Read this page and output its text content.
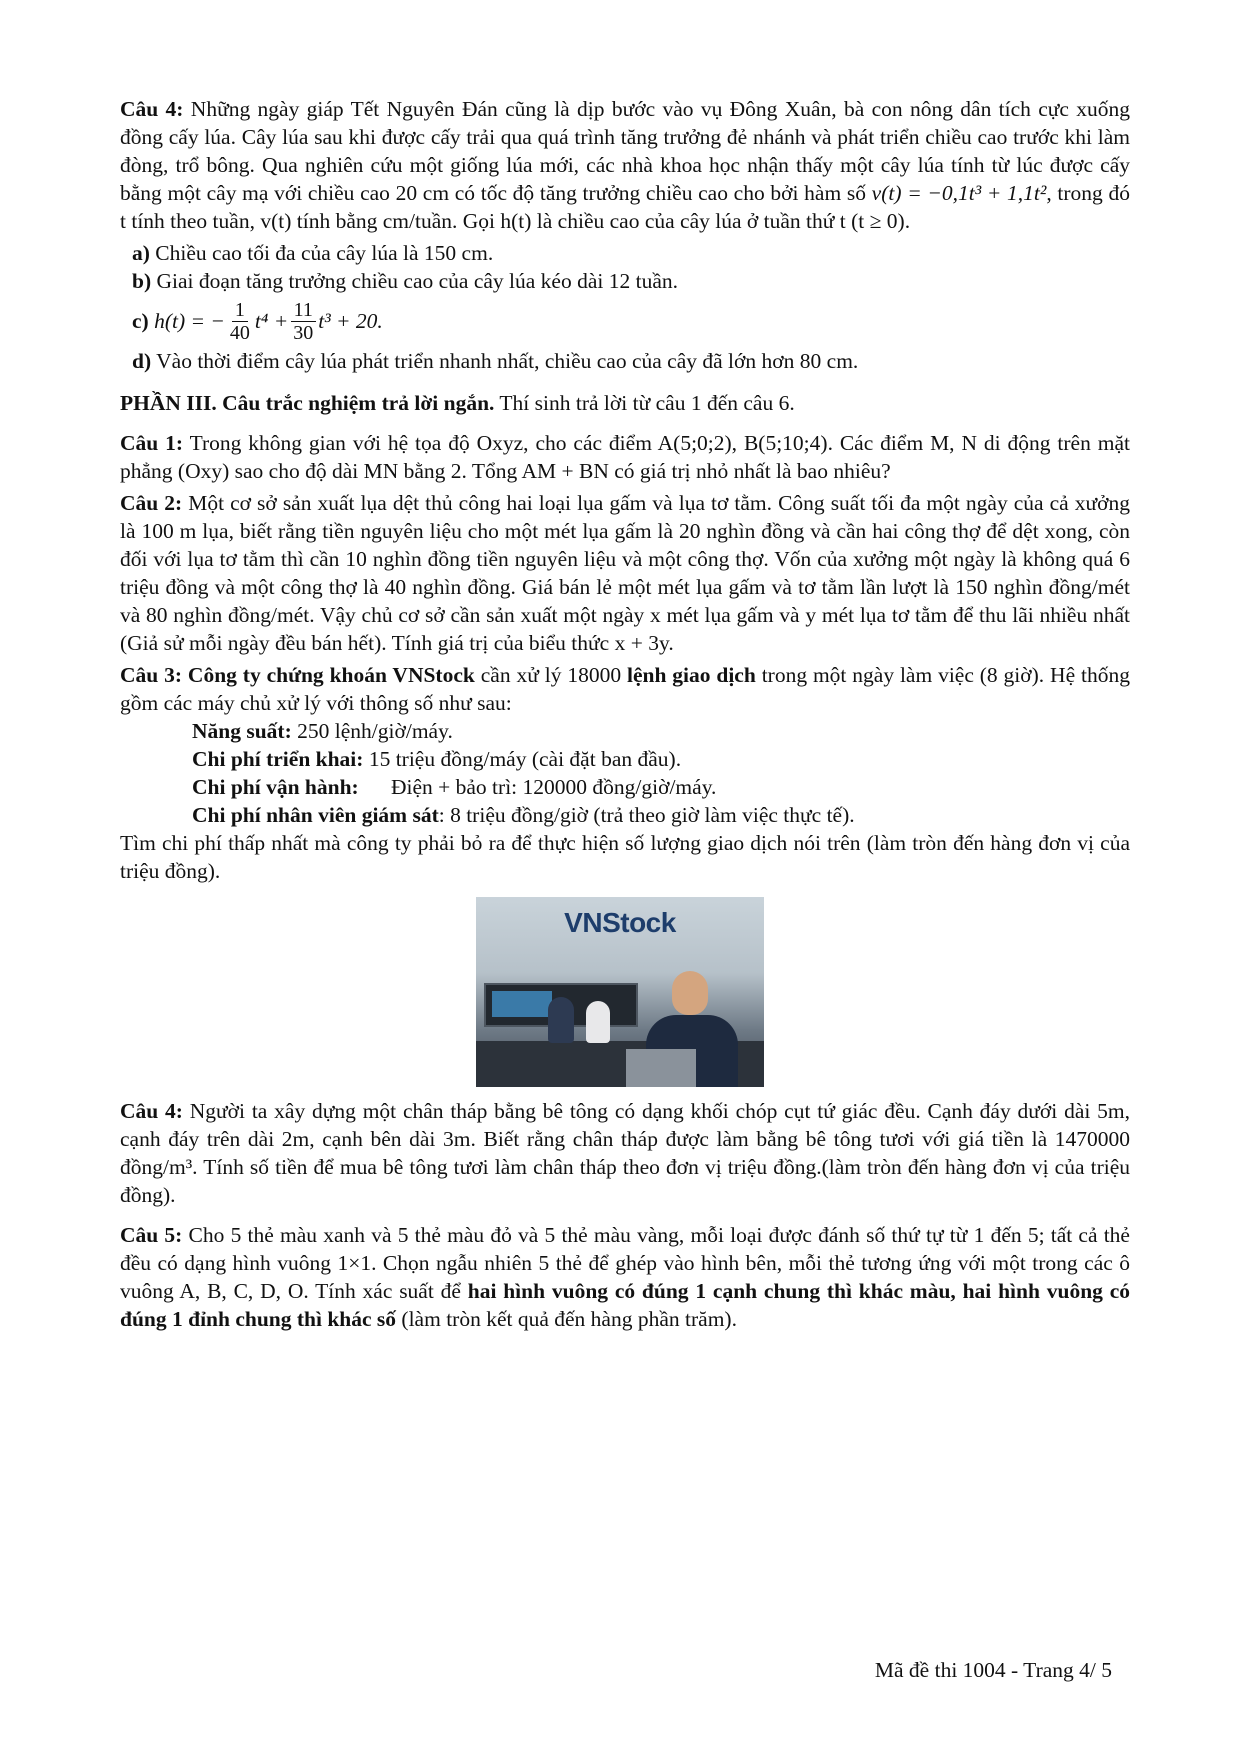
Câu 4: Những ngày giáp Tết Nguyên Đán cũng là dịp bước vào vụ Đông Xuân, bà con nông dân tích cực xuống đồng cấy lúa. Cây lúa sau khi được cấy trải qua quá trình tăng trưởng đẻ nhánh và phát triển chiều cao trước khi làm đòng, trổ bông. Qua nghiên cứu một giống lúa mới, các nhà khoa học nhận thấy một cây lúa tính từ lúc được cấy bằng một cây mạ với chiều cao 20 cm có tốc độ tăng trưởng chiều cao cho bởi hàm số v(t) = −0,1t³ + 1,1t², trong đó t tính theo tuần, v(t) tính bằng cm/tuần. Gọi h(t) là chiều cao của cây lúa ở tuần thứ t (t ≥ 0).

a) Chiều cao tối đa của cây lúa là 150 cm.

b) Giai đoạn tăng trưởng chiều cao của cây lúa kéo dài 12 tuần.

c)
h(t) = − $\frac{1}{40} t^4 + \frac{11}{30} t^3 + 20$.

d) Vào thời điểm cây lúa phát triển nhanh nhất, chiều cao của cây đã lớn hơn 80 cm.

PHẦN III. Câu trắc nghiệm trả lời ngắn. Thí sinh trả lời từ câu 1 đến câu 6.

Câu 1: Trong không gian với hệ tọa độ Oxyz, cho các điểm A(5;0;2), B(5;10;4). Các điểm M, N di động trên mặt phẳng (Oxy) sao cho độ dài MN bằng 2. Tổng AM + BN có giá trị nhỏ nhất là bao nhiêu?

Câu 2: Một cơ sở sản xuất lụa dệt thủ công hai loại lụa gấm và lụa tơ tằm. Công suất tối đa một ngày của cả xưởng là 100 m lụa, biết rằng tiền nguyên liệu cho một mét lụa gấm là 20 nghìn đồng và cần hai công thợ để dệt xong, còn đối với lụa tơ tằm thì cần 10 nghìn đồng tiền nguyên liệu và một công thợ. Vốn của xưởng một ngày là không quá 6 triệu đồng và một công thợ là 40 nghìn đồng. Giá bán lẻ một mét lụa gấm và tơ tằm lần lượt là 150 nghìn đồng/mét và 80 nghìn đồng/mét. Vậy chủ cơ sở cần sản xuất một ngày x mét lụa gấm và y mét lụa tơ tằm để thu lãi nhiều nhất (Giả sử mỗi ngày đều bán hết). Tính giá trị của biểu thức x + 3y.

Câu 3: Công ty chứng khoán VNStock cần xử lý 18000 lệnh giao dịch trong một ngày làm việc (8 giờ). Hệ thống gồm các máy chủ xử lý với thông số như sau:

Năng suất: 250 lệnh/giờ/máy.

Chi phí triển khai: 15 triệu đồng/máy (cài đặt ban đầu).

Chi phí vận hành:      Điện + bảo trì: 120000 đồng/giờ/máy.

Chi phí nhân viên giám sát: 8 triệu đồng/giờ (trả theo giờ làm việc thực tế).

Tìm chi phí thấp nhất mà công ty phải bỏ ra để thực hiện số lượng giao dịch nói trên (làm tròn đến hàng đơn vị của triệu đồng).

VNStock

Câu 4: Người ta xây dựng một chân tháp bằng bê tông có dạng khối chóp cụt tứ giác đều. Cạnh đáy dưới dài 5m, cạnh đáy trên dài 2m, cạnh bên dài 3m. Biết rằng chân tháp được làm bằng bê tông tươi với giá tiền là 1470000 đồng/m³. Tính số tiền để mua bê tông tươi làm chân tháp theo đơn vị triệu đồng.(làm tròn đến hàng đơn vị của triệu đồng).

Câu 5: Cho 5 thẻ màu xanh và 5 thẻ màu đỏ và 5 thẻ màu vàng, mỗi loại được đánh số thứ tự từ 1 đến 5; tất cả thẻ đều có dạng hình vuông 1×1. Chọn ngẫu nhiên 5 thẻ để ghép vào hình bên, mỗi thẻ tương ứng với một trong các ô vuông A, B, C, D, O. Tính xác suất để hai hình vuông có đúng 1 cạnh chung thì khác màu, hai hình vuông có đúng 1 đỉnh chung thì khác số (làm tròn kết quả đến hàng phần trăm).

Mã đề thi 1004 - Trang 4/ 5
